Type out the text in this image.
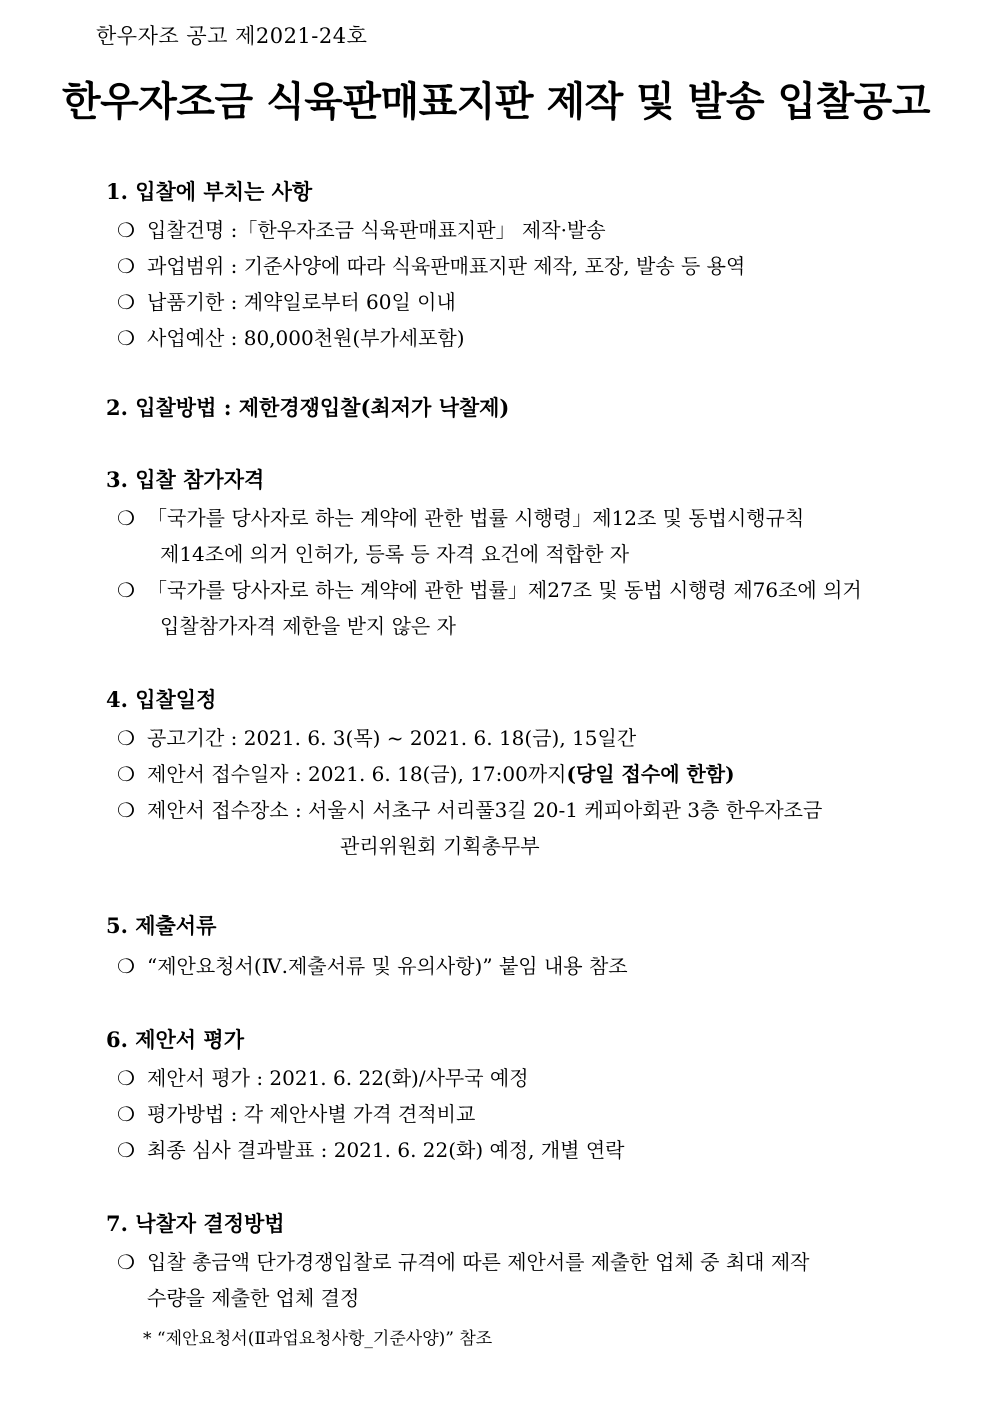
한우자조 공고 제2021-24호
한우자조금 식육판매표지판 제작 및 발송 입찰공고
1. 입찰에 부치는 사항
❍ 입찰건명 :「한우자조금 식육판매표지판」 제작·발송
❍ 과업범위 : 기준사양에 따라 식육판매표지판 제작, 포장, 발송 등 용역
❍ 납품기한 : 계약일로부터 60일 이내
❍ 사업예산 : 80,000천원(부가세포함)
2. 입찰방법 : 제한경쟁입찰(최저가 낙찰제)
3. 입찰 참가자격
❍ 「국가를 당사자로 하는 계약에 관한 법률 시행령」제12조 및 동법시행규칙
제14조에 의거 인허가, 등록 등 자격 요건에 적합한 자
❍ 「국가를 당사자로 하는 계약에 관한 법률」제27조 및 동법 시행령 제76조에 의거
입찰참가자격 제한을 받지 않은 자
4. 입찰일정
❍ 공고기간 : 2021. 6. 3(목) ~ 2021. 6. 18(금), 15일간
❍ 제안서 접수일자 : 2021. 6. 18(금), 17:00까지(당일 접수에 한함)
❍ 제안서 접수장소 : 서울시 서초구 서리풀3길 20-1 케피아회관 3층 한우자조금
관리위원회 기획총무부
5. 제출서류
❍ “제안요청서(Ⅳ.제출서류 및 유의사항)” 붙임 내용 참조
6. 제안서 평가
❍ 제안서 평가 : 2021. 6. 22(화)/사무국 예정
❍ 평가방법 : 각 제안사별 가격 견적비교
❍ 최종 심사 결과발표 : 2021. 6. 22(화) 예정, 개별 연락
7. 낙찰자 결정방법
❍ 입찰 총금액 단가경쟁입찰로 규격에 따른 제안서를 제출한 업체 중 최대 제작
수량을 제출한 업체 결정
* “제안요청서(Ⅱ과업요청사항_기준사양)” 참조
